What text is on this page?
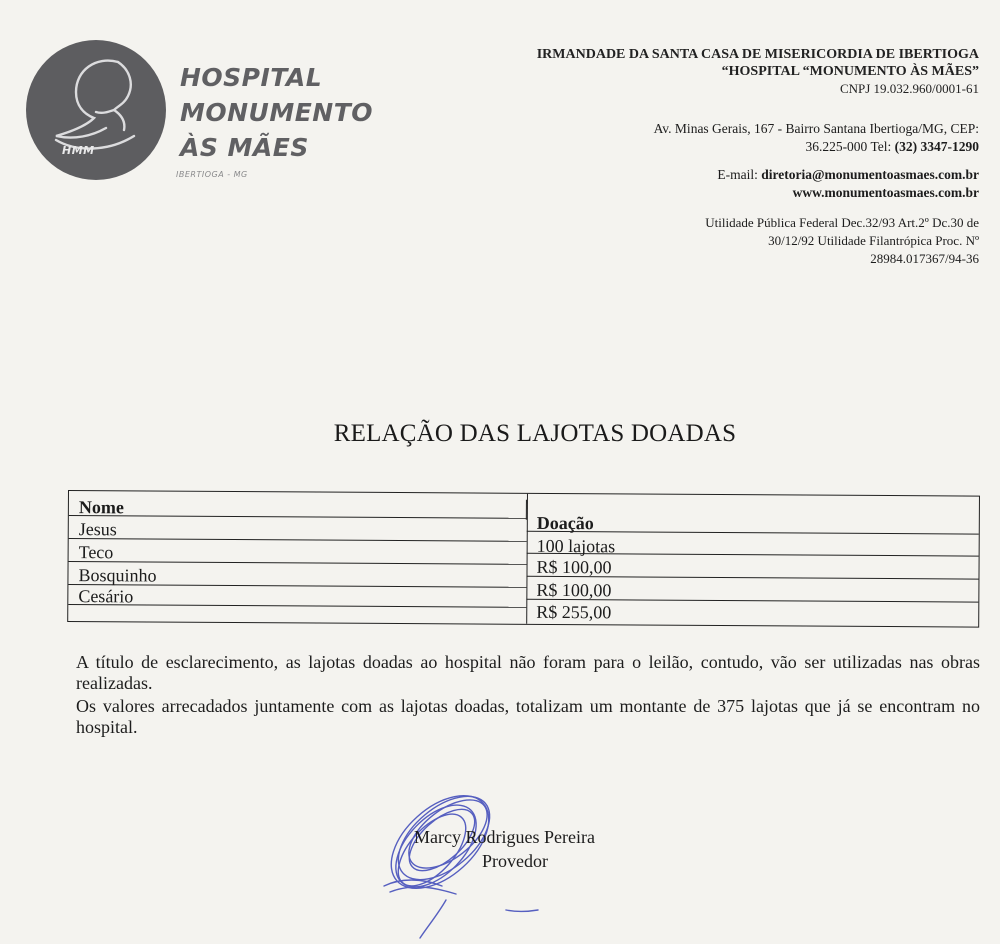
HMM
HOSPITAL
MONUMENTO
ÀS MÃES
IBERTIOGA - MG
IRMANDADE DA SANTA CASA DE MISERICORDIA DE IBERTIOGA
“HOSPITAL “MONUMENTO ÀS MÃES”
CNPJ 19.032.960/0001-61
Av. Minas Gerais, 167 - Bairro Santana Ibertioga/MG, CEP:
36.225-000 Tel: (32) 3347-1290
E-mail: diretoria@monumentoasmaes.com.br
www.monumentoasmaes.com.br
Utilidade Pública Federal Dec.32/93 Art.2º Dc.30 de
30/12/92 Utilidade Filantrópica Proc. Nº
28984.017367/94-36
RELAÇÃO DAS LAJOTAS DOADAS
Nome
Doação
Jesus
100 lajotas
Teco
R$ 100,00
Bosquinho
R$ 100,00
Cesário
R$ 255,00
A título de esclarecimento, as lajotas doadas ao hospital não foram para o leilão, contudo, vão ser utilizadas nas obras realizadas.
Os valores arrecadados juntamente com as lajotas doadas, totalizam um montante de 375 lajotas que já se encontram no hospital.
Marcy Rodrigues Pereira
Provedor
